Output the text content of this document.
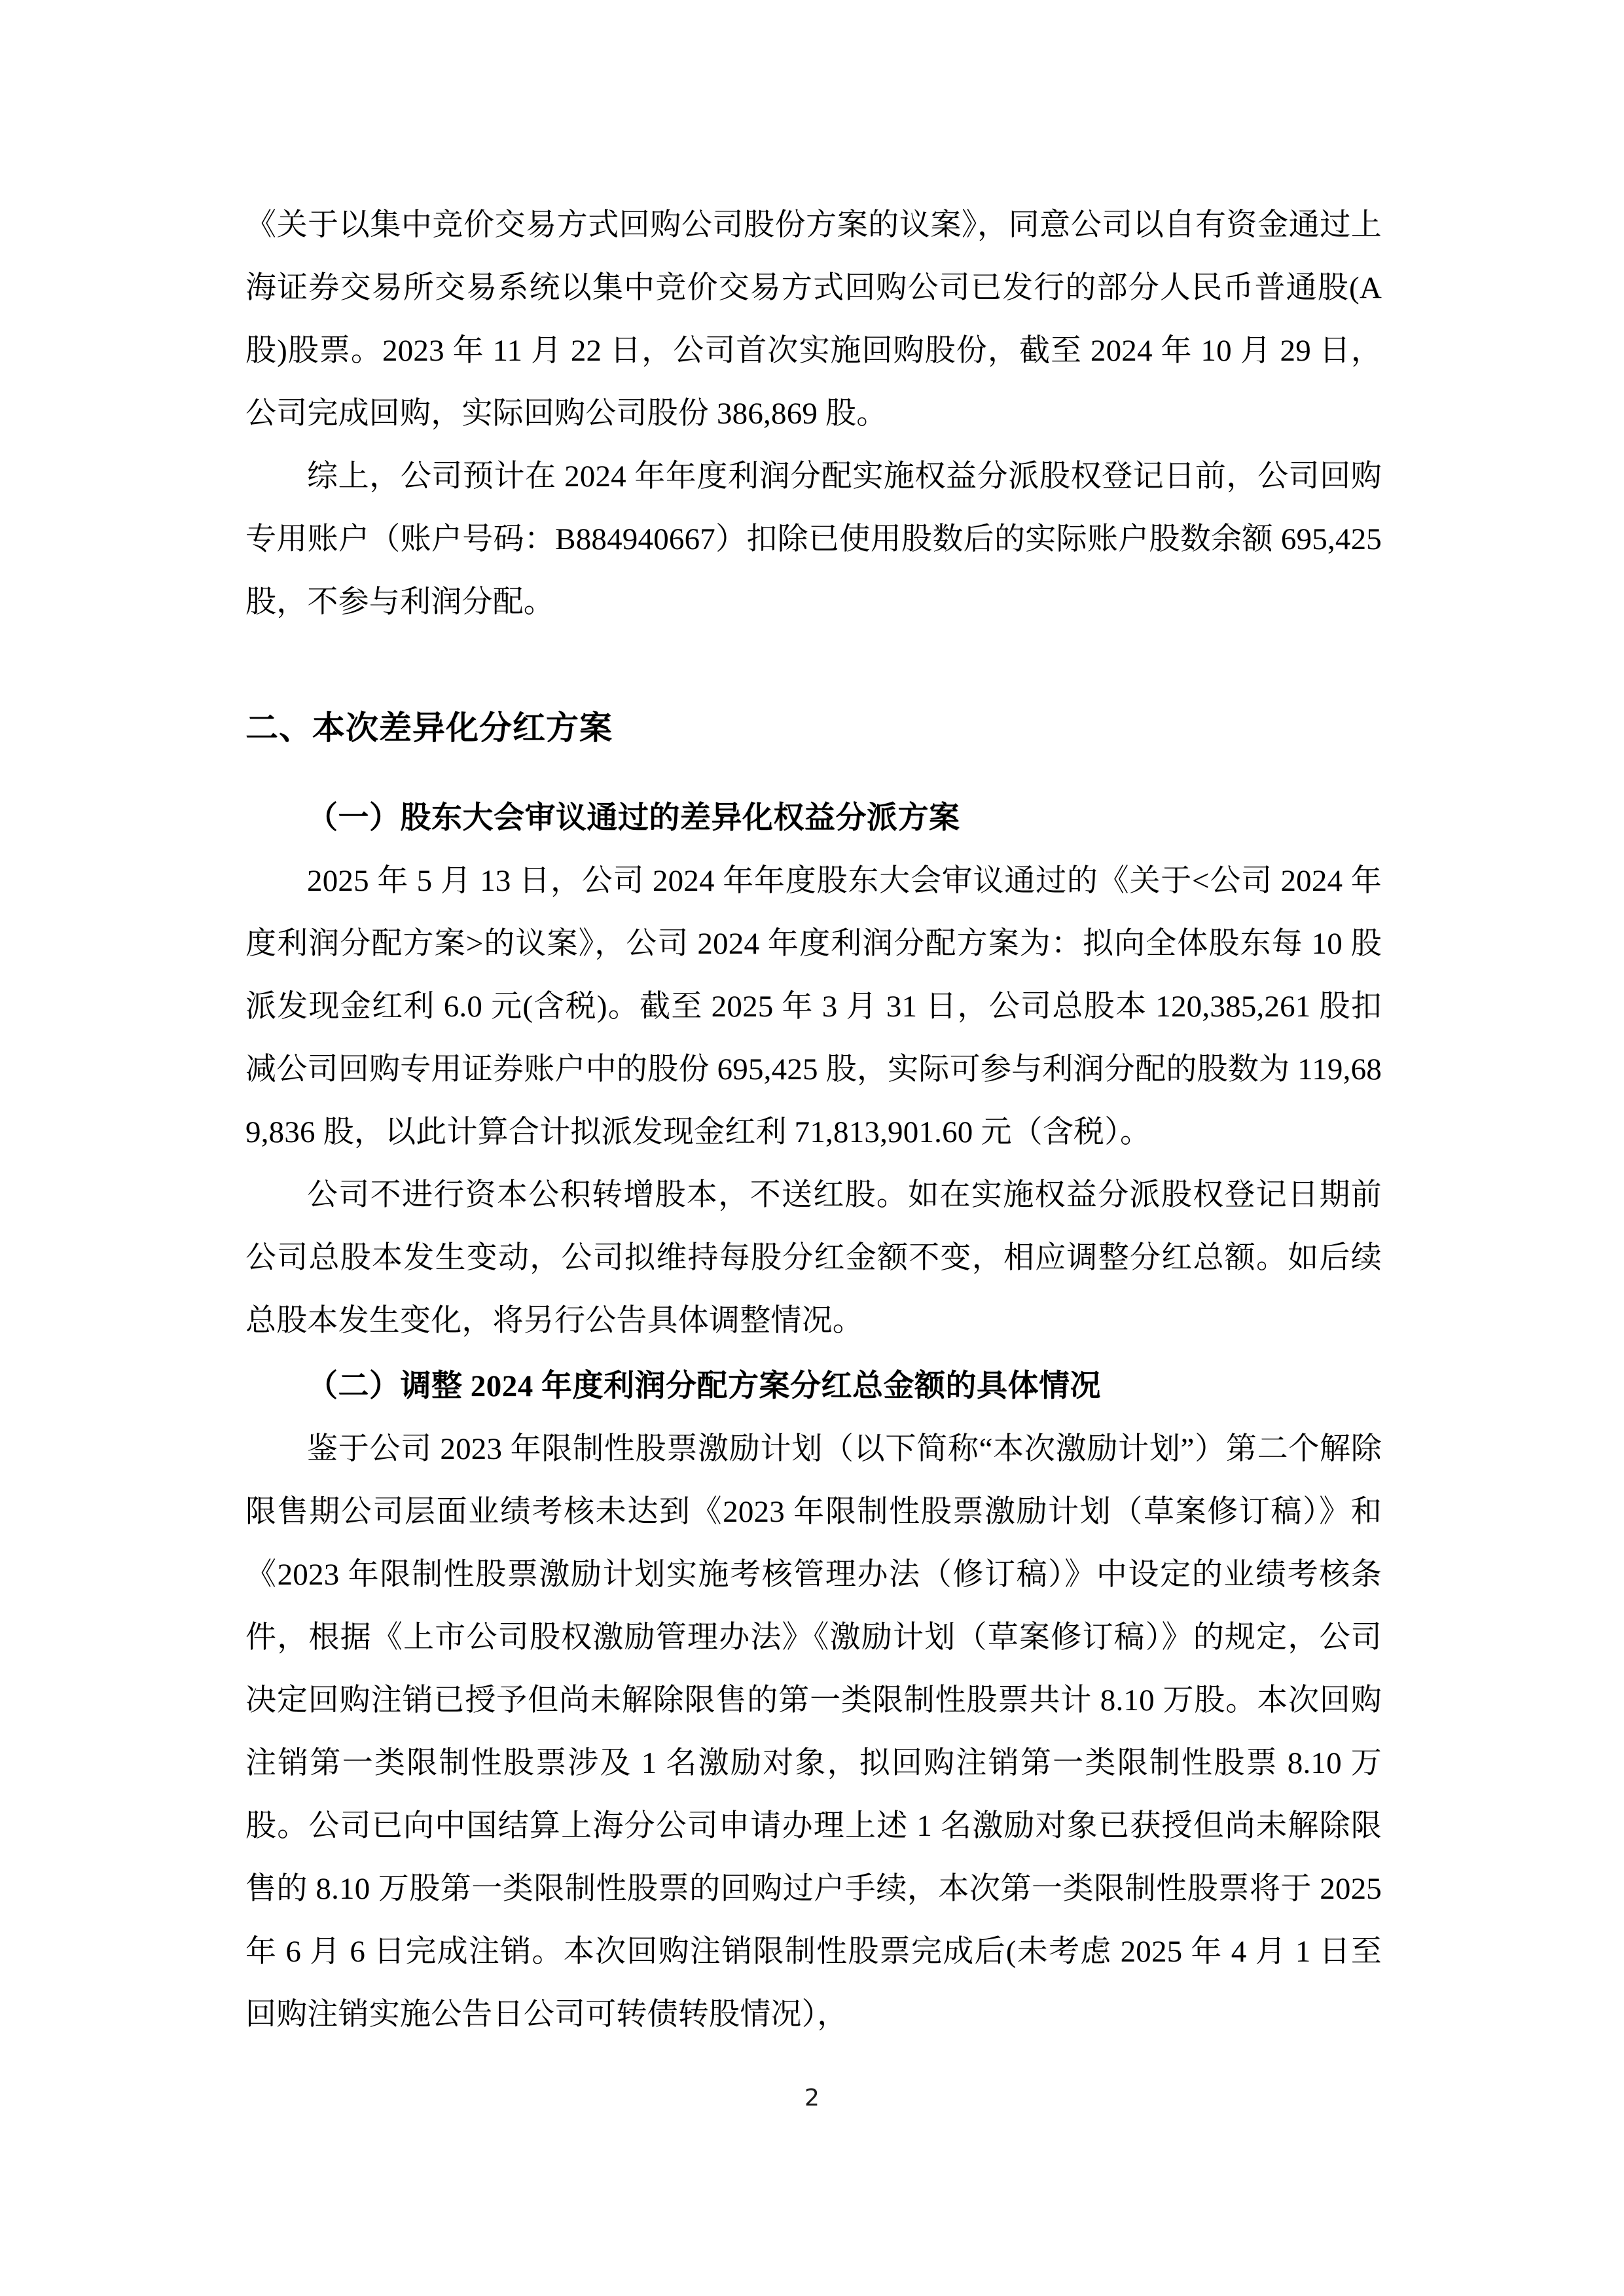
《关于以集中竞价交易方式回购公司股份方案的议案》，同意公司以自有资金通过上海证券交易所交易系统以集中竞价交易方式回购公司已发行的部分人民币普通股(A 股)股票。2023 年 11 月 22 日，公司首次实施回购股份，截至 2024 年 10 月 29 日，公司完成回购，实际回购公司股份 386,869 股。

综上，公司预计在 2024 年年度利润分配实施权益分派股权登记日前，公司回购专用账户（账户号码：B884940667）扣除已使用股数后的实际账户股数余额 695,425 股，不参与利润分配。

二、本次差异化分红方案
（一）股东大会审议通过的差异化权益分派方案

2025 年 5 月 13 日，公司 2024 年年度股东大会审议通过的《关于<公司 2024 年度利润分配方案>的议案》，公司 2024 年度利润分配方案为：拟向全体股东每 10 股派发现金红利 6.0 元(含税)。截至 2025 年 3 月 31 日，公司总股本 120,385,261 股扣减公司回购专用证券账户中的股份 695,425 股，实际可参与利润分配的股数为 119,689,836 股，以此计算合计拟派发现金红利 71,813,901.60 元（含税）。

公司不进行资本公积转增股本，不送红股。如在实施权益分派股权登记日期前公司总股本发生变动，公司拟维持每股分红金额不变，相应调整分红总额。如后续总股本发生变化，将另行公告具体调整情况。

（二）调整 2024 年度利润分配方案分红总金额的具体情况

鉴于公司 2023 年限制性股票激励计划（以下简称“本次激励计划”）第二个解除限售期公司层面业绩考核未达到《2023 年限制性股票激励计划（草案修订稿）》和《2023 年限制性股票激励计划实施考核管理办法（修订稿）》中设定的业绩考核条件，根据《上市公司股权激励管理办法》《激励计划（草案修订稿）》的规定，公司决定回购注销已授予但尚未解除限售的第一类限制性股票共计 8.10 万股。本次回购注销第一类限制性股票涉及 1 名激励对象，拟回购注销第一类限制性股票 8.10 万股。公司已向中国结算上海分公司申请办理上述 1 名激励对象已获授但尚未解除限售的 8.10 万股第一类限制性股票的回购过户手续，本次第一类限制性股票将于 2025 年 6 月 6 日完成注销。本次回购注销限制性股票完成后(未考虑 2025 年 4 月 1 日至回购注销实施公告日公司可转债转股情况），

2
